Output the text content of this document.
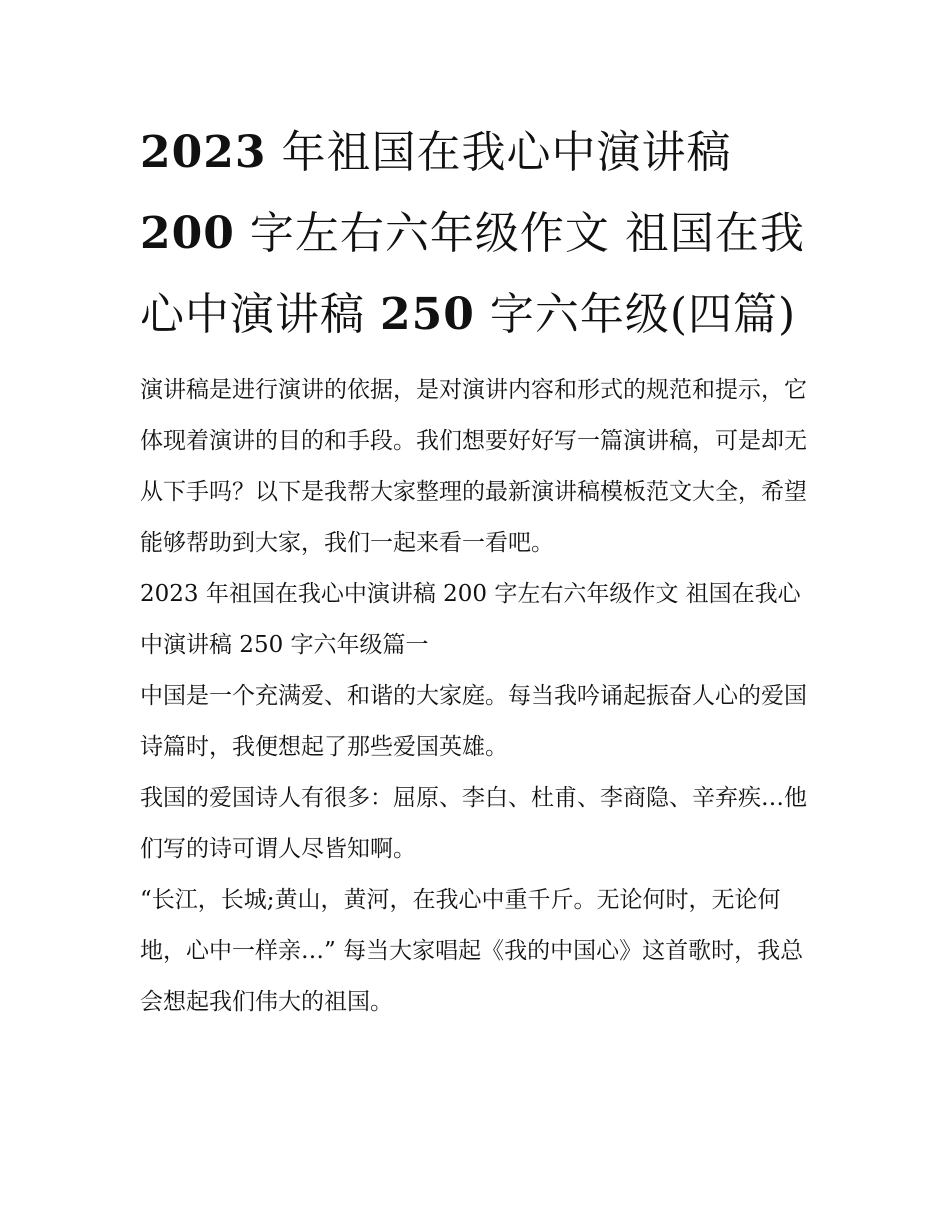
2023 年祖国在我心中演讲稿 200 字左右六年级作文 祖国在我心中演讲稿 250 字六年级(四篇)

演讲稿是进行演讲的依据，是对演讲内容和形式的规范和提示，它体现着演讲的目的和手段。我们想要好好写一篇演讲稿，可是却无从下手吗？以下是我帮大家整理的最新演讲稿模板范文大全，希望能够帮助到大家，我们一起来看一看吧。

2023 年祖国在我心中演讲稿 200 字左右六年级作文 祖国在我心中演讲稿 250 字六年级篇一

中国是一个充满爱、和谐的大家庭。每当我吟诵起振奋人心的爱国诗篇时，我便想起了那些爱国英雄。

我国的爱国诗人有很多：屈原、李白、杜甫、李商隐、辛弃疾…他们写的诗可谓人尽皆知啊。

“长江，长城;黄山，黄河，在我心中重千斤。无论何时，无论何地，心中一样亲…” 每当大家唱起《我的中国心》这首歌时，我总会想起我们伟大的祖国。
